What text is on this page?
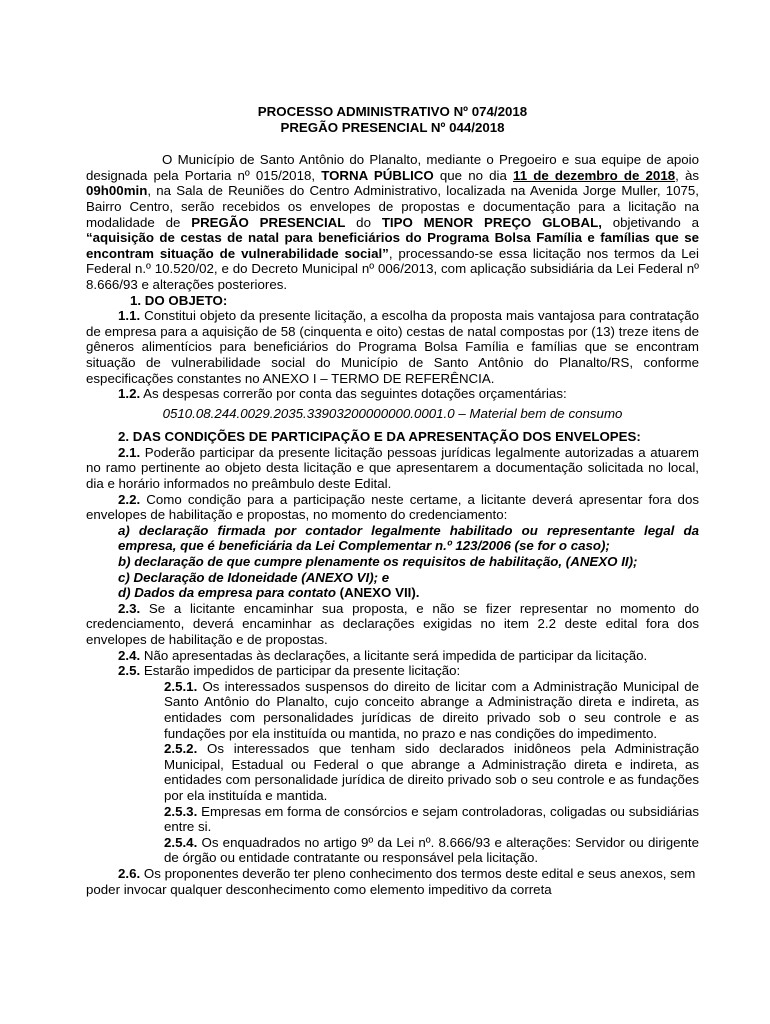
PROCESSO ADMINISTRATIVO Nº 074/2018
PREGÃO PRESENCIAL Nº 044/2018

O Município de Santo Antônio do Planalto, mediante o Pregoeiro e sua equipe de apoio designada pela Portaria nº 015/2018, TORNA PÚBLICO que no dia 11 de dezembro de 2018, às 09h00min, na Sala de Reuniões do Centro Administrativo, localizada na Avenida Jorge Muller, 1075, Bairro Centro, serão recebidos os envelopes de propostas e documentação para a licitação na modalidade de PREGÃO PRESENCIAL do TIPO MENOR PREÇO GLOBAL, objetivando a “aquisição de cestas de natal para beneficiários do Programa Bolsa Família e famílias que se encontram situação de vulnerabilidade social”, processando-se essa licitação nos termos da Lei Federal n.º 10.520/02, e do Decreto Municipal nº 006/2013, com aplicação subsidiária da Lei Federal nº 8.666/93 e alterações posteriores.

1. DO OBJETO:

1.1. Constitui objeto da presente licitação, a escolha da proposta mais vantajosa para contratação de empresa para a aquisição de 58 (cinquenta e oito) cestas de natal compostas por (13) treze itens de gêneros alimentícios para beneficiários do Programa Bolsa Família e famílias que se encontram situação de vulnerabilidade social do Município de Santo Antônio do Planalto/RS, conforme especificações constantes no ANEXO I – TERMO DE REFERÊNCIA.

1.2. As despesas correrão por conta das seguintes dotações orçamentárias:

0510.08.244.0029.2035.33903200000000.0001.0 – Material bem de consumo

2. DAS CONDIÇÕES DE PARTICIPAÇÃO E DA APRESENTAÇÃO DOS ENVELOPES:

2.1. Poderão participar da presente licitação pessoas jurídicas legalmente autorizadas a atuarem no ramo pertinente ao objeto desta licitação e que apresentarem a documentação solicitada no local, dia e horário informados no preâmbulo deste Edital.

2.2. Como condição para a participação neste certame, a licitante deverá apresentar fora dos envelopes de habilitação e propostas, no momento do credenciamento:

a) declaração firmada por contador legalmente habilitado ou representante legal da empresa, que é beneficiária da Lei Complementar n.º 123/2006 (se for o caso);

b) declaração de que cumpre plenamente os requisitos de habilitação, (ANEXO II);

c) Declaração de Idoneidade (ANEXO VI); e

d) Dados da empresa para contato (ANEXO VII).

2.3. Se a licitante encaminhar sua proposta, e não se fizer representar no momento do credenciamento, deverá encaminhar as declarações exigidas no item 2.2 deste edital fora dos envelopes de habilitação e de propostas.

2.4. Não apresentadas às declarações, a licitante será impedida de participar da licitação.

2.5. Estarão impedidos de participar da presente licitação:

2.5.1. Os interessados suspensos do direito de licitar com a Administração Municipal de Santo Antônio do Planalto, cujo conceito abrange a Administração direta e indireta, as entidades com personalidades jurídicas de direito privado sob o seu controle e as fundações por ela instituída ou mantida, no prazo e nas condições do impedimento.

2.5.2. Os interessados que tenham sido declarados inidôneos pela Administração Municipal, Estadual ou Federal o que abrange a Administração direta e indireta, as entidades com personalidade jurídica de direito privado sob o seu controle e as fundações por ela instituída e mantida.

2.5.3. Empresas em forma de consórcios e sejam controladoras, coligadas ou subsidiárias entre si.

2.5.4. Os enquadrados no artigo 9º da Lei nº. 8.666/93 e alterações: Servidor ou dirigente de órgão ou entidade contratante ou responsável pela licitação.

2.6. Os proponentes deverão ter pleno conhecimento dos termos deste edital e seus anexos, sem poder invocar qualquer desconhecimento como elemento impeditivo da correta
